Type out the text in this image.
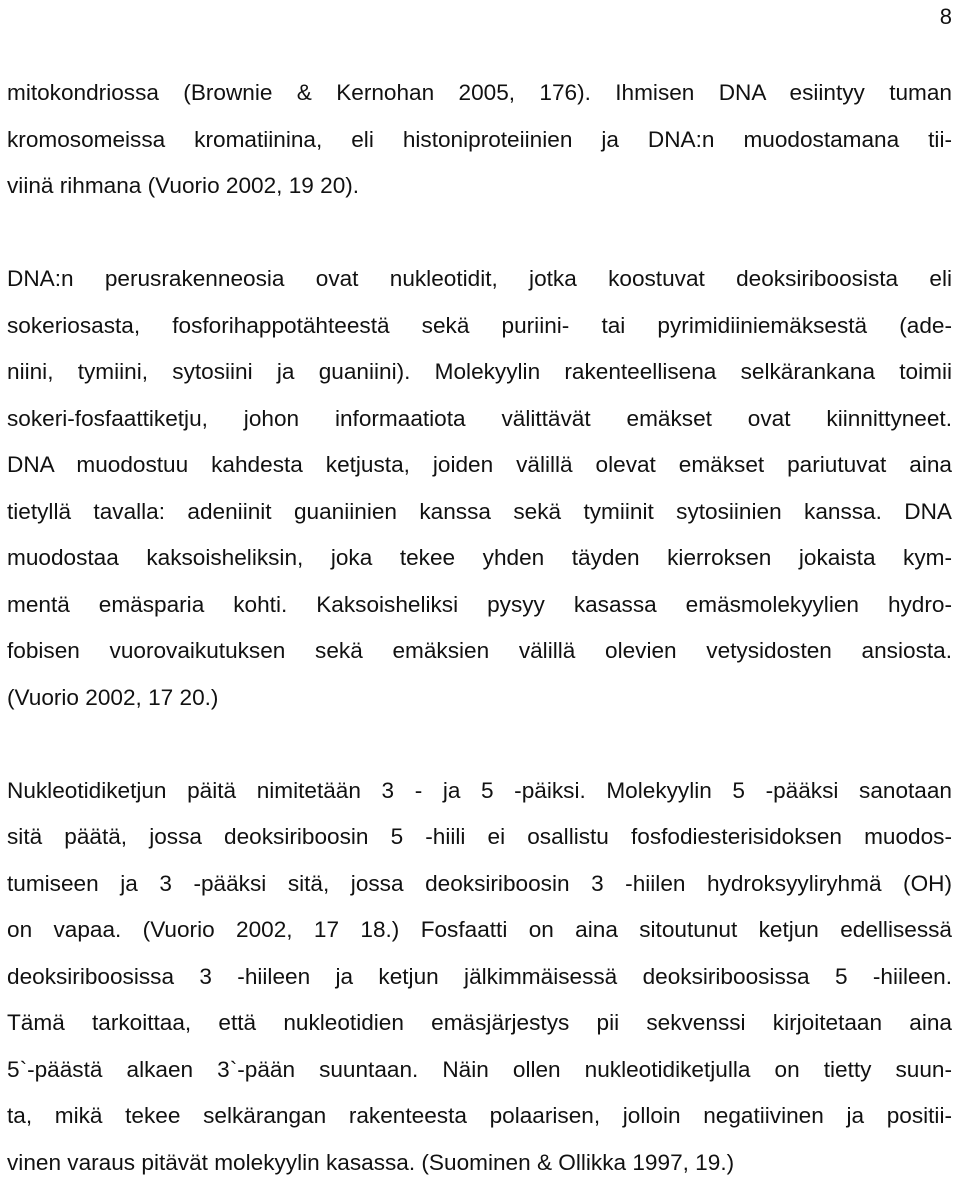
8

mitokondriossa (Brownie & Kernohan 2005, 176). Ihmisen DNA esiintyy tuman
kromosomeissa kromatiinina, eli histoniproteiinien ja DNA:n muodostamana tii-
viinä rihmana (Vuorio 2002, 19 20).

DNA:n perusrakenneosia ovat nukleotidit, jotka koostuvat deoksiriboosista eli
sokeriosasta, fosforihappotähteestä sekä puriini- tai pyrimidiiniemäksestä (ade-
niini, tymiini, sytosiini ja guaniini). Molekyylin rakenteellisena selkärankana toimii
sokeri-fosfaattiketju, johon informaatiota välittävät emäkset ovat kiinnittyneet.
DNA muodostuu kahdesta ketjusta, joiden välillä olevat emäkset pariutuvat aina
tietyllä tavalla: adeniinit guaniinien kanssa sekä tymiinit sytosiinien kanssa. DNA
muodostaa kaksoisheliksin, joka tekee yhden täyden kierroksen jokaista kym-
mentä emäsparia kohti. Kaksoisheliksi pysyy kasassa emäsmolekyylien hydro-
fobisen vuorovaikutuksen sekä emäksien välillä olevien vetysidosten ansiosta.
(Vuorio 2002, 17 20.)

Nukleotidiketjun päitä nimitetään 3 - ja 5 -päiksi. Molekyylin 5 -pääksi sanotaan
sitä päätä, jossa deoksiriboosin 5 -hiili ei osallistu fosfodiesterisidoksen muodos-
tumiseen ja 3 -pääksi sitä, jossa deoksiriboosin 3 -hiilen hydroksyyliryhmä (OH)
on vapaa. (Vuorio 2002, 17 18.) Fosfaatti on aina sitoutunut ketjun edellisessä
deoksiriboosissa 3 -hiileen ja ketjun jälkimmäisessä deoksiriboosissa 5 -hiileen.
Tämä tarkoittaa, että nukleotidien emäsjärjestys pii sekvenssi kirjoitetaan aina
5`-päästä alkaen 3`-pään suuntaan. Näin ollen nukleotidiketjulla on tietty suun-
ta, mikä tekee selkärangan rakenteesta polaarisen, jolloin negatiivinen ja positii-
vinen varaus pitävät molekyylin kasassa. (Suominen & Ollikka 1997, 19.)
